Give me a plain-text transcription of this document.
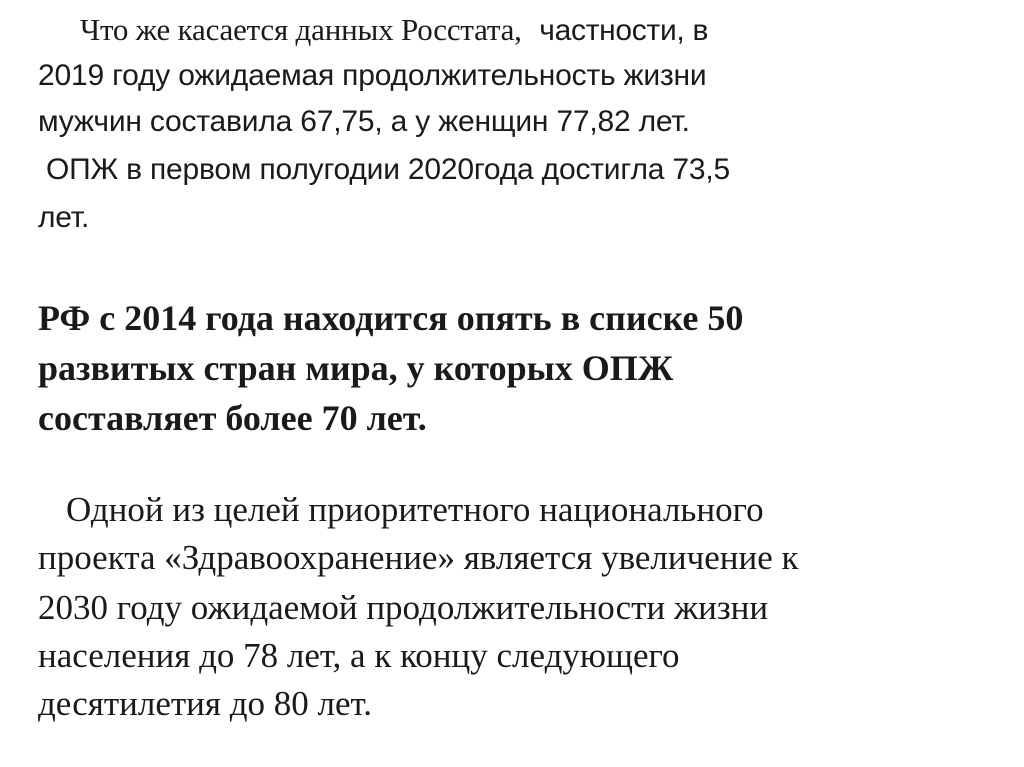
Что же касается данных Росстата, частности, в

2019 году ожидаемая продолжительность жизни

мужчин составила 67,75, а у женщин 77,82 лет.

ОПЖ в первом полугодии 2020года достигла 73,5

лет.

РФ с 2014 года находится опять в списке 50

развитых стран мира, у которых ОПЖ

составляет более 70 лет.

Одной из целей приоритетного национального

проекта «Здравоохранение» является увеличение к

2030 году ожидаемой продолжительности жизни

населения до 78 лет, а к концу следующего

десятилетия до 80 лет.
